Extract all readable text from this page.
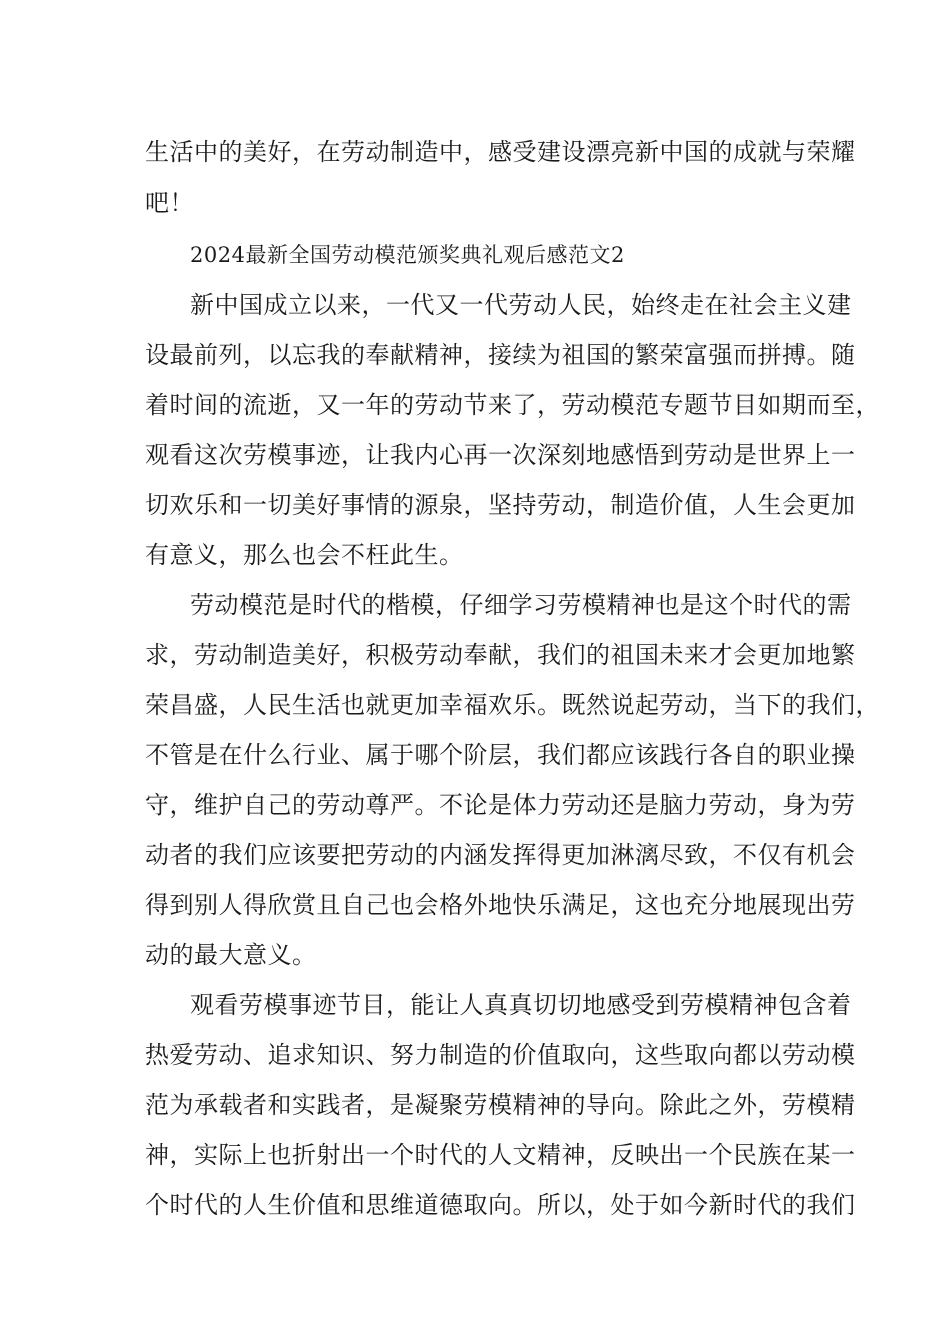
生活中的美好，在劳动制造中，感受建设漂亮新中国的成就与荣耀
吧！
2024最新全国劳动模范颁奖典礼观后感范文2
新中国成立以来，一代又一代劳动人民，始终走在社会主义建
设最前列，以忘我的奉献精神，接续为祖国的繁荣富强而拼搏。随
着时间的流逝，又一年的劳动节来了，劳动模范专题节目如期而至，
观看这次劳模事迹，让我内心再一次深刻地感悟到劳动是世界上一
切欢乐和一切美好事情的源泉，坚持劳动，制造价值，人生会更加
有意义，那么也会不枉此生。
劳动模范是时代的楷模，仔细学习劳模精神也是这个时代的需
求，劳动制造美好，积极劳动奉献，我们的祖国未来才会更加地繁
荣昌盛，人民生活也就更加幸福欢乐。既然说起劳动，当下的我们，
不管是在什么行业、属于哪个阶层，我们都应该践行各自的职业操
守，维护自己的劳动尊严。不论是体力劳动还是脑力劳动，身为劳
动者的我们应该要把劳动的内涵发挥得更加淋漓尽致，不仅有机会
得到别人得欣赏且自己也会格外地快乐满足，这也充分地展现出劳
动的最大意义。
观看劳模事迹节目，能让人真真切切地感受到劳模精神包含着
热爱劳动、追求知识、努力制造的价值取向，这些取向都以劳动模
范为承载者和实践者，是凝聚劳模精神的导向。除此之外，劳模精
神，实际上也折射出一个时代的人文精神，反映出一个民族在某一
个时代的人生价值和思维道德取向。所以，处于如今新时代的我们
